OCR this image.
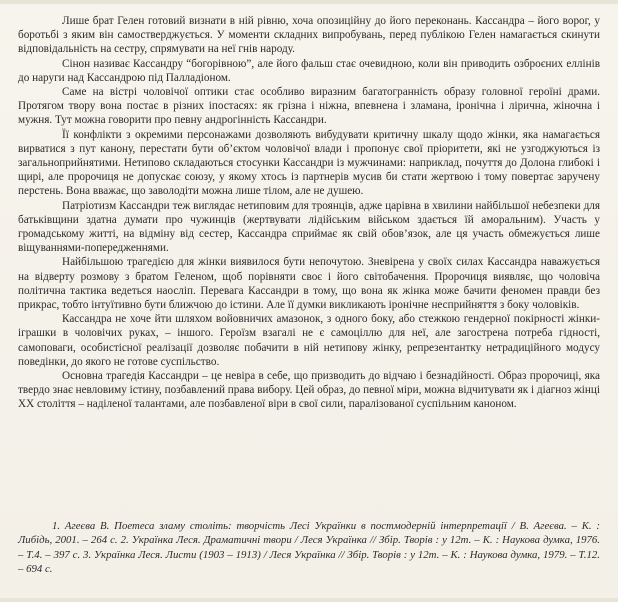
Лише брат Гелен готовий визнати в ній рівню, хоча опозиційну до його переконань. Кассандра – його ворог, у боротьбі з яким він самостверджується. У моменти складних випробувань, перед публікою Гелен намагається скинути відповідальність на сестру, спрямувати на неї гнів народу.

Сінон називає Кассандру “богорівною”, але його фальш стає очевидною, коли він приводить озброєних еллінів до наруги над Кассандрою під Палладіоном.

Саме на вістрі чоловічої оптики стає особливо виразним багатогранність образу головної героїні драми. Протягом твору вона постає в різних іпостасях: як грізна і ніжна, впевнена і зламана, іронічна і лірична, жіночна і мужня. Тут можна говорити про певну андрогінність Кассандри.

Її конфлікти з окремими персонажами дозволяють вибудувати критичну шкалу щодо жінки, яка намагається вирватися з пут канону, перестати бути об’єктом чоловічої влади і пропонує свої пріоритети, які не узгоджуються із загальноприйнятими. Нетипово складаються стосунки Кассандри із мужчинами: наприклад, почуття до Долона глибокі і щирі, але пророчиця не допускає союзу, у якому хтось із партнерів мусив би стати жертвою і тому повертає заручену перстень. Вона вважає, що заволодіти можна лише тілом, але не душею.

Патріотизм Кассандри теж виглядає нетиповим для троянців, адже царівна в хвилини найбільшої небезпеки для батьківщини здатна думати про чужинців (жертвувати лідійським військом здається їй аморальним). Участь у громадському житті, на відміну від сестер, Кассандра сприймає як свій обов’язок, але ця участь обмежується лише віщуваннями-попередженнями.

Найбільшою трагедією для жінки виявилося бути непочутою. Зневірена у своїх силах Кассандра наважується на відверту розмову з братом Геленом, щоб порівняти своє і його світобачення. Пророчиця виявляє, що чоловіча політична тактика ведеться наосліп. Перевага Кассандри в тому, що вона як жінка може бачити феномен правди без прикрас, тобто інтуїтивно бути ближчою до істини. Але її думки викликають іронічне несприйняття з боку чоловіків.

Кассандра не хоче йти шляхом войовничих амазонок, з одного боку, або стежкою гендерної покірності жінки-іграшки в чоловічих руках, – іншого. Героїзм взагалі не є самоціллю для неї, але загострена потреба гідності, самоповаги, особистісної реалізації дозволяє побачити в ній нетипову жінку, репрезентантку нетрадиційного модусу поведінки, до якого не готове суспільство.

Основна трагедія Кассандри – це невіра в себе, що призводить до відчаю і безнадійності. Образ пророчиці, яка твердо знає невловиму істину, позбавлений права вибору. Цей образ, до певної міри, можна відчитувати як і діагноз жінці XX століття – наділеної талантами, але позбавленої віри в свої сили, паралізованої суспільним каноном.

1. Агеєва В. Поетеса зламу століть: творчість Лесі Українки в постмодерній інтерпретації / В. Агеєва. – К. : Либідь, 2001. – 264 с. 2. Українка Леся. Драматичні твори / Леся Українка // Збір. Творів : у 12т. – К. : Наукова думка, 1976. – Т.4. – 397 с. 3. Українка Леся. Листи (1903 – 1913) / Леся Українка // Збір. Творів : у 12т. – К. : Наукова думка, 1979. – Т.12. – 694 с.
